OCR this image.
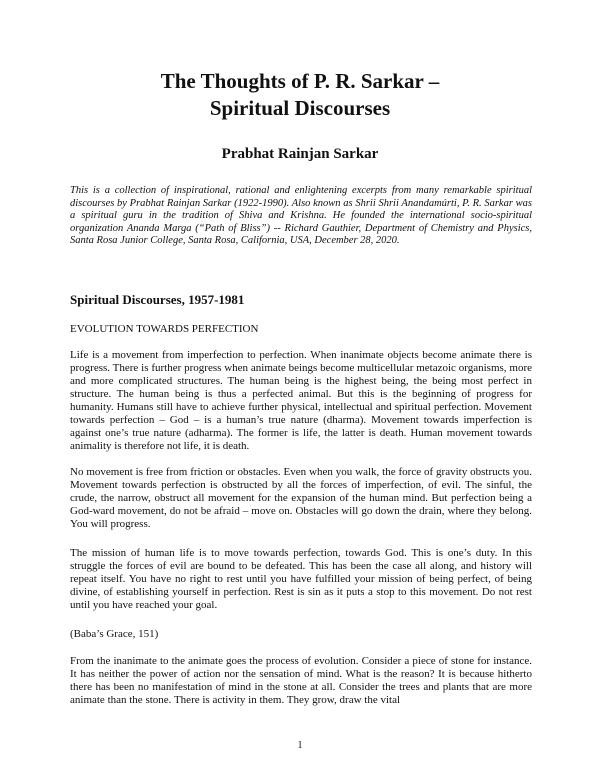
The Thoughts of P. R. Sarkar –
Spiritual Discourses
Prabhat Rainjan Sarkar
This is a collection of inspirational, rational and enlightening excerpts from many remarkable spiritual discourses by Prabhat Rainjan Sarkar (1922-1990). Also known as Shrii Shrii Anandamúrti, P. R. Sarkar was a spiritual guru in the tradition of Shiva and Krishna. He founded the international socio-spiritual organization Ananda Marga (“Path of Bliss”) -- Richard Gauthier, Department of Chemistry and Physics, Santa Rosa Junior College, Santa Rosa, California, USA, December 28, 2020.
Spiritual Discourses, 1957-1981
EVOLUTION TOWARDS PERFECTION

Life is a movement from imperfection to perfection. When inanimate objects become animate there is progress. There is further progress when animate beings become multicellular metazoic organisms, more and more complicated structures. The human being is the highest being, the being most perfect in structure. The human being is thus a perfected animal. But this is the beginning of progress for humanity. Humans still have to achieve further physical, intellectual and spiritual perfection. Movement towards perfection – God – is a human’s true nature (dharma). Movement towards imperfection is against one’s true nature (adharma). The former is life, the latter is death. Human movement towards animality is therefore not life, it is death.

No movement is free from friction or obstacles. Even when you walk, the force of gravity obstructs you. Movement towards perfection is obstructed by all the forces of imperfection, of evil. The sinful, the crude, the narrow, obstruct all movement for the expansion of the human mind. But perfection being a God-ward movement, do not be afraid – move on. Obstacles will go down the drain, where they belong. You will progress.

The mission of human life is to move towards perfection, towards God. This is one’s duty. In this struggle the forces of evil are bound to be defeated. This has been the case all along, and history will repeat itself. You have no right to rest until you have fulfilled your mission of being perfect, of being divine, of establishing yourself in perfection. Rest is sin as it puts a stop to this movement. Do not rest until you have reached your goal.

(Baba’s Grace, 151)

From the inanimate to the animate goes the process of evolution. Consider a piece of stone for instance. It has neither the power of action nor the sensation of mind. What is the reason? It is because hitherto there has been no manifestation of mind in the stone at all. Consider the trees and plants that are more animate than the stone. There is activity in them. They grow, draw the vital

1
